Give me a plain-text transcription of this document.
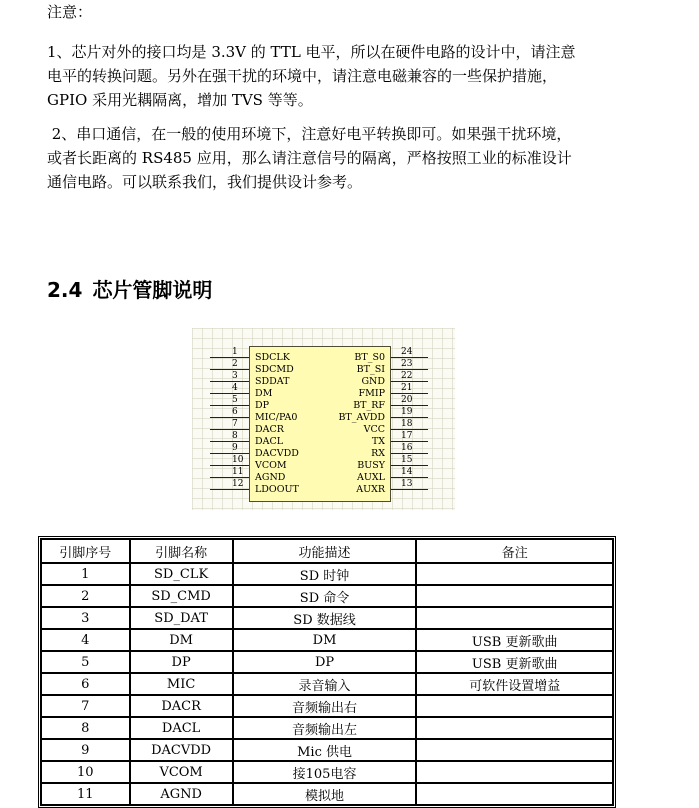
注意：

1、芯片对外的接口均是 3.3V 的 TTL 电平，所以在硬件电路的设计中，请注意
电平的转换问题。另外在强干扰的环境中，请注意电磁兼容的一些保护措施，
GPIO 采用光耦隔离，增加 TVS 等等。
2、串口通信，在一般的使用环境下，注意好电平转换即可。如果强干扰环境，
或者长距离的 RS485 应用，那么请注意信号的隔离，严格按照工业的标准设计
通信电路。可以联系我们，我们提供设计参考。
2.4 芯片管脚说明
1 SDCLK
2 SDCMD
3 SDDAT
4 DM
5 DP
6 MIC/PA0
7 DACR
8 DACL
9 DACVDD
10 VCOM
11 AGND
12 LDOOUT
24
BT_S0
23
BT_SI
22
GND
21
FMIP
20
BT_RF
19
BT_AVDD
18
VCC
17
TX
16
RX
15
BUSY
14
AUXL
13
AUXR
引脚序号	引脚名称	功能描述	备注
1	SD_CLK	SD 时钟	
2	SD_CMD	SD 命令	
3	SD_DAT	SD 数据线	
4	DM	DM	USB 更新歌曲
5	DP	DP	USB 更新歌曲
6	MIC	录音输入	可软件设置增益
7	DACR	音频输出右	
8	DACL	音频输出左	
9	DACVDD	Mic 供电	
10	VCOM	接105电容	
11	AGND	模拟地	
